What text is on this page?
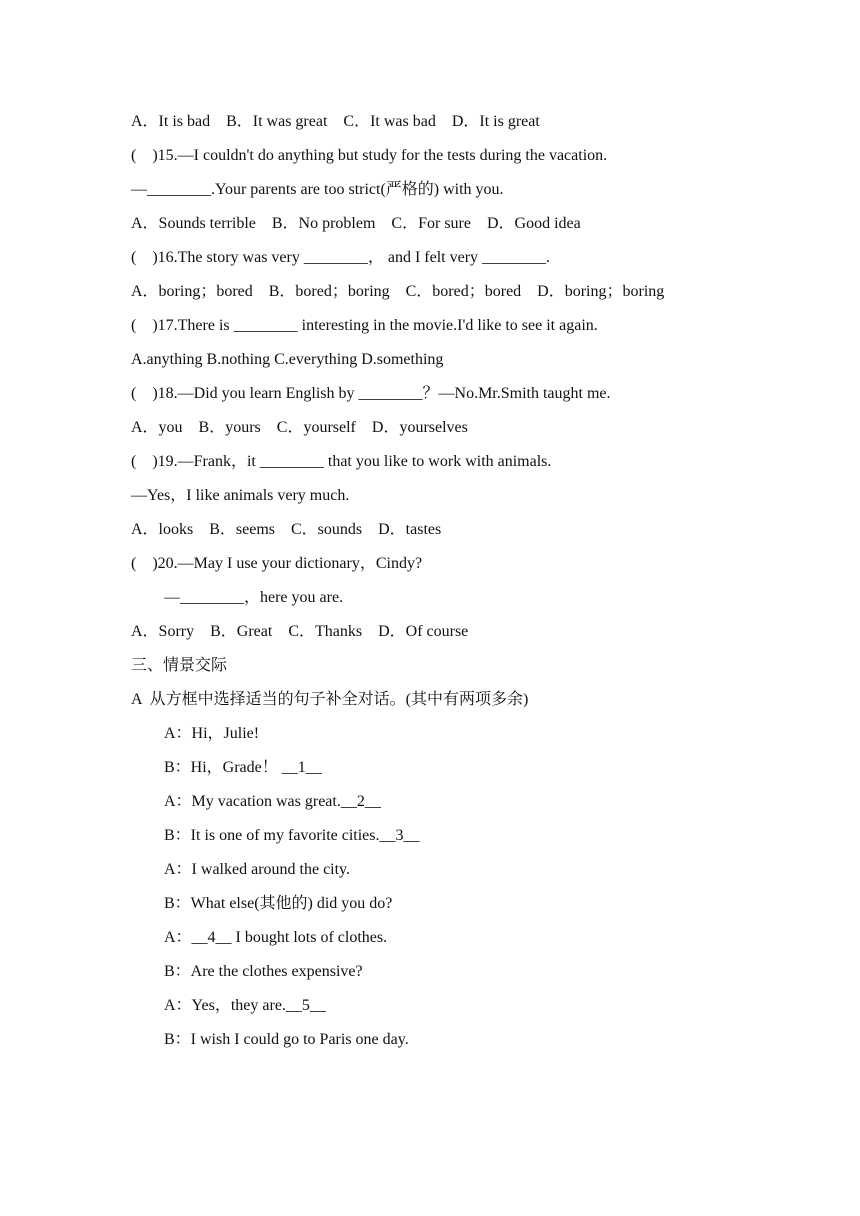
A．It is bad    B．It was great    C．It was bad    D．It is great
(    )15.—I couldn't do anything but study for the tests during the vacation.
—________.Your parents are too strict(严格的) with you.
A．Sounds terrible    B．No problem    C．For sure    D．Good idea
(    )16.The story was very ________， and I felt very ________.
A．boring；bored    B．bored；boring    C．bored；bored    D．boring；boring
(    )17.There is ________ interesting in the movie.I'd like to see it again.
A.anything B.nothing C.everything D.something
(    )18.—Did you learn English by ________？—No.Mr.Smith taught me.
A．you    B．yours    C．yourself    D．yourselves
(    )19.—Frank，it ________ that you like to work with animals.
—Yes，I like animals very much.
A．looks    B．seems    C．sounds    D．tastes
(    )20.—May I use your dictionary，Cindy?
—________，here you are.
A．Sorry    B．Great    C．Thanks    D．Of course
三、情景交际
A  从方框中选择适当的句子补全对话。(其中有两项多余)
A：Hi，Julie!
B：Hi，Grade！ __1__
A：My vacation was great.__2__
B：It is one of my favorite cities.__3__
A：I walked around the city.
B：What else(其他的) did you do?
A：__4__ I bought lots of clothes.
B：Are the clothes expensive?
A：Yes，they are.__5__
B：I wish I could go to Paris one day.
